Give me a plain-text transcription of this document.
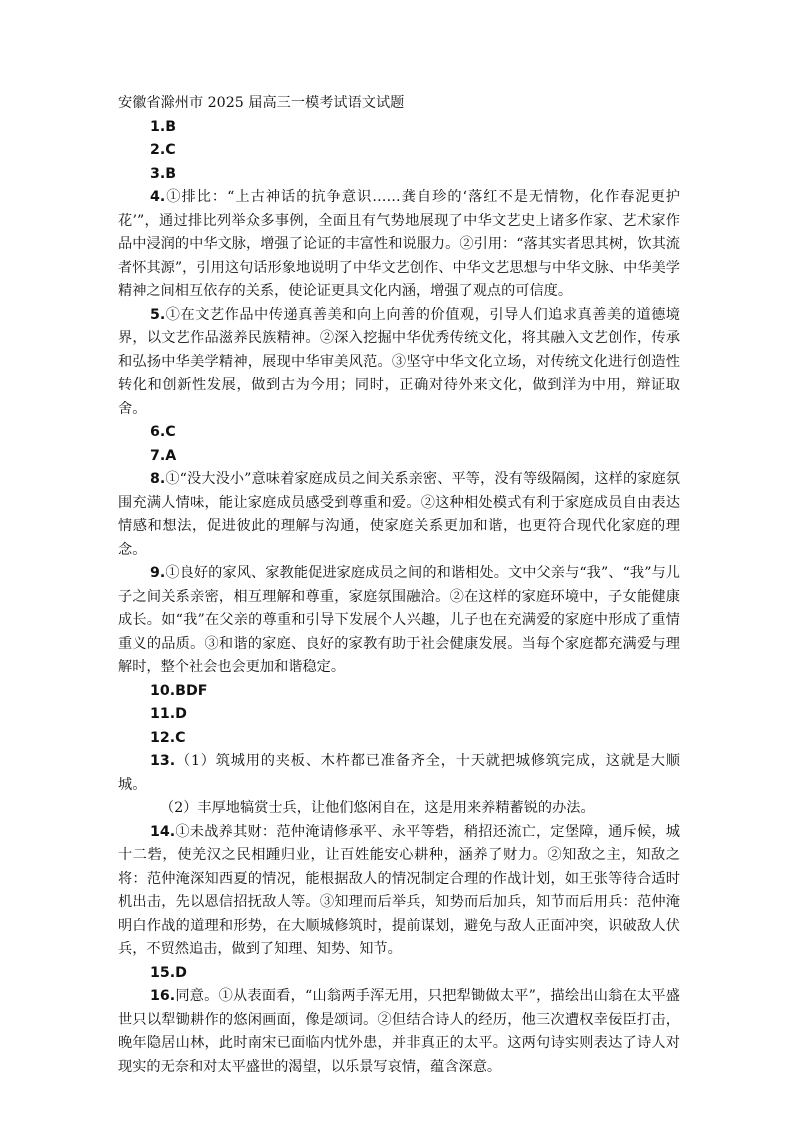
安徽省滁州市 2025 届高三一模考试语文试题

1.B

2.C

3.B

4.①排比：“上古神话的抗争意识……龚自珍的‘落红不是无情物，化作春泥更护花’”，通过排比列举众多事例，全面且有气势地展现了中华文艺史上诸多作家、艺术家作品中浸润的中华文脉，增强了论证的丰富性和说服力。②引用：“落其实者思其树，饮其流者怀其源”，引用这句话形象地说明了中华文艺创作、中华文艺思想与中华文脉、中华美学精神之间相互依存的关系，使论证更具文化内涵，增强了观点的可信度。

5.①在文艺作品中传递真善美和向上向善的价值观，引导人们追求真善美的道德境界，以文艺作品滋养民族精神。②深入挖掘中华优秀传统文化，将其融入文艺创作，传承和弘扬中华美学精神，展现中华审美风范。③坚守中华文化立场，对传统文化进行创造性转化和创新性发展，做到古为今用；同时，正确对待外来文化，做到洋为中用，辩证取舍。

6.C

7.A

8.①“没大没小”意味着家庭成员之间关系亲密、平等，没有等级隔阂，这样的家庭氛围充满人情味，能让家庭成员感受到尊重和爱。②这种相处模式有利于家庭成员自由表达情感和想法，促进彼此的理解与沟通，使家庭关系更加和谐，也更符合现代化家庭的理念。

9.①良好的家风、家教能促进家庭成员之间的和谐相处。文中父亲与“我”、“我”与儿子之间关系亲密，相互理解和尊重，家庭氛围融洽。②在这样的家庭环境中，子女能健康成长。如“我”在父亲的尊重和引导下发展个人兴趣，儿子也在充满爱的家庭中形成了重情重义的品质。③和谐的家庭、良好的家教有助于社会健康发展。当每个家庭都充满爱与理解时，整个社会也会更加和谐稳定。

10.BDF

11.D

12.C

13.（1）筑城用的夹板、木杵都已准备齐全，十天就把城修筑完成，这就是大顺城。

（2）丰厚地犒赏士兵，让他们悠闲自在，这是用来养精蓄锐的办法。

14.①未战养其财：范仲淹请修承平、永平等砦，稍招还流亡，定堡障，通斥候，城十二砦，使羌汉之民相踵归业，让百姓能安心耕种，涵养了财力。②知敌之主，知敌之将：范仲淹深知西夏的情况，能根据敌人的情况制定合理的作战计划，如王张等待合适时机出击，先以恩信招抚敌人等。③知理而后举兵，知势而后加兵，知节而后用兵：范仲淹明白作战的道理和形势，在大顺城修筑时，提前谋划，避免与敌人正面冲突，识破敌人伏兵，不贸然追击，做到了知理、知势、知节。

15.D

16.同意。①从表面看，“山翁两手浑无用，只把犁锄做太平”，描绘出山翁在太平盛世只以犁锄耕作的悠闲画面，像是颂词。②但结合诗人的经历，他三次遭权幸佞臣打击，晚年隐居山林，此时南宋已面临内忧外患，并非真正的太平。这两句诗实则表达了诗人对现实的无奈和对太平盛世的渴望，以乐景写哀情，蕴含深意。
